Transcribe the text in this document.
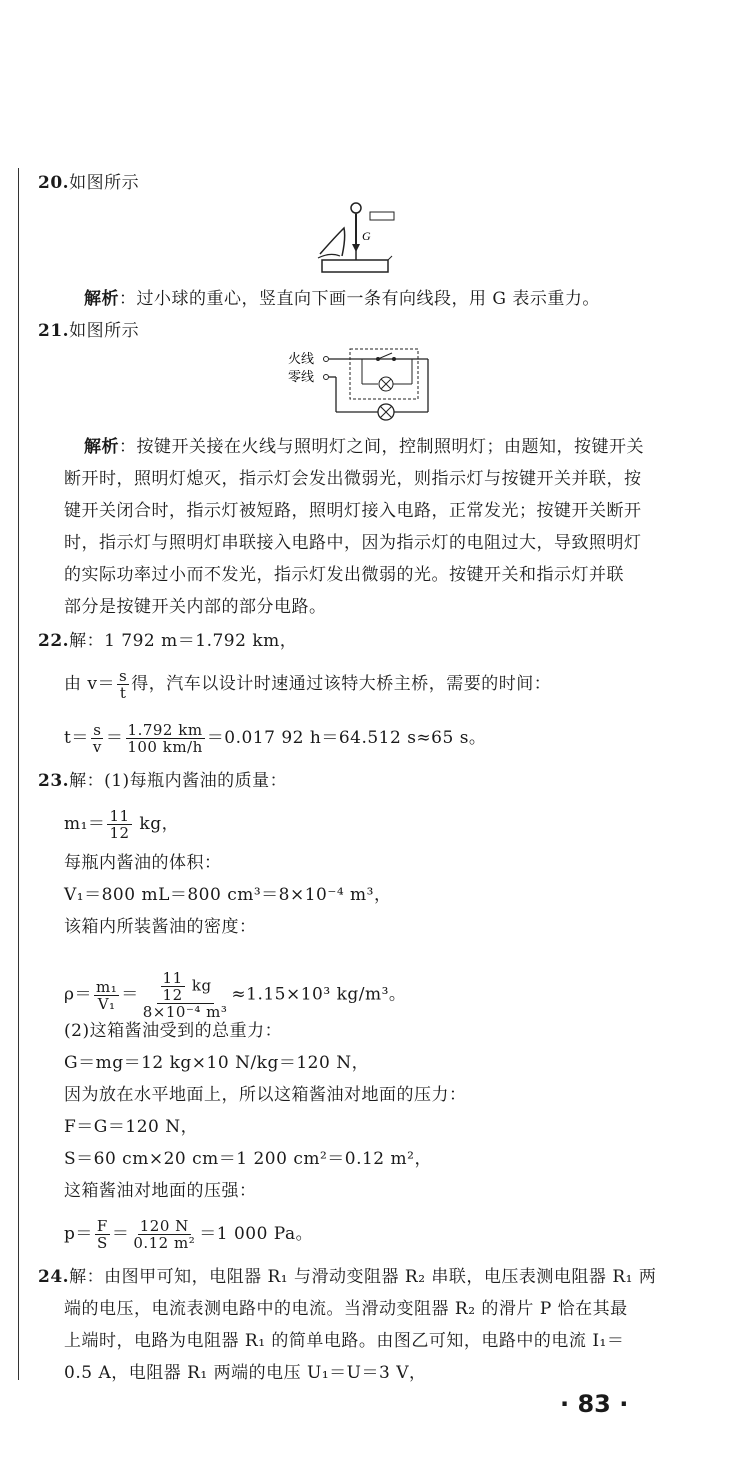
20.如图所示
G
解析：过小球的重心，竖直向下画一条有向线段，用 G 表示重力。
21.如图所示
火线
零线
解析：按键开关接在火线与照明灯之间，控制照明灯；由题知，按键开关
断开时，照明灯熄灭，指示灯会发出微弱光，则指示灯与按键开关并联，按
键开关闭合时，指示灯被短路，照明灯接入电路，正常发光；按键开关断开
时，指示灯与照明灯串联接入电路中，因为指示灯的电阻过大，导致照明灯
的实际功率过小而不发光，指示灯发出微弱的光。按键开关和指示灯并联
部分是按键开关内部的部分电路。
22.解：1 792 m＝1.792 km，
由 $v= \frac{s}{t}$ 得，汽车以设计时速通过该特大桥主桥，需要的时间：
$t= \frac{s}{v} = \frac{1.792 km}{100 km/h} =0.017$ 92 h＝64.512 s≈65 s。
23.解：(1)每瓶内酱油的质量：
$m_1= \frac{11}{12}$ kg，
每瓶内酱油的体积：
V₁＝800 mL＝800 cm³＝8×10⁻⁴ m³，
该箱内所装酱油的密度：
$\rho= \frac{\text{m₁}}{\text{V₁}} = \frac{\frac{11}{12} kg}{\text{8×10⁻⁴ m³}} \approx 1.15\times 10^3$ kg/m³。
(2)这箱酱油受到的总重力：
G＝mg＝12 kg×10 N/kg＝120 N，
因为放在水平地面上，所以这箱酱油对地面的压力：
F＝G＝120 N，
S＝60 cm×20 cm＝1 200 cm²＝0.12 m²，
这箱酱油对地面的压强：
$p= \frac{F}{S} = \frac{120 N}{\text{0.12 m²}} =1$ 000 Pa。
24.解：由图甲可知，电阻器 R₁ 与滑动变阻器 R₂ 串联，电压表测电阻器 R₁ 两
端的电压，电流表测电路中的电流。当滑动变阻器 R₂ 的滑片 P 恰在其最
上端时，电路为电阻器 R₁ 的简单电路。由图乙可知，电路中的电流 I₁＝
0.5 A，电阻器 R₁ 两端的电压 U₁＝U＝3 V，
· 83 ·
